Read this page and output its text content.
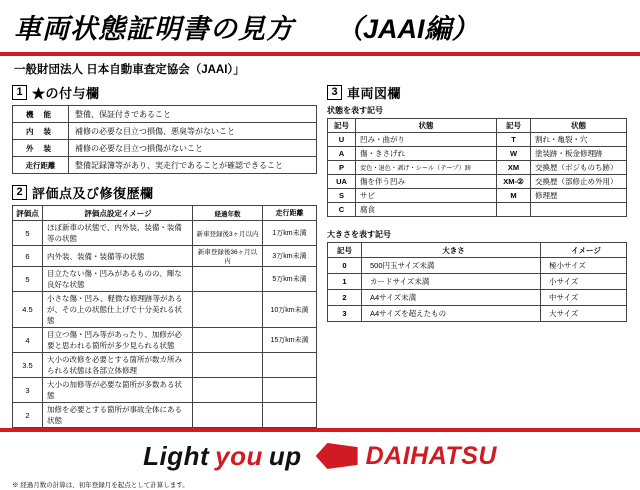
車両状態証明書の見方 （JAAI編）
一般財団法人 日本自動車査定協会（JAAI）」
1 ★の付与欄
機 能	整備、保証付きであること
内 装	補修の必要な目立つ損傷、悪臭等がないこと
外 装	補修の必要な目立つ損傷がないこと
走行距離	整備記録簿等があり、実走行であることが確認できること
2 評価点及び修復歴欄
評価点	評価点設定イメージ	経過年数	走行距離
5	ほぼ新車の状態で、内外装、装備・装備等の状態	新車登録後3ヶ月以内	1万km未満
6	内外装、装備・装備等の状態	新車登録後36ヶ月以内	3万km未満
5	目立たない傷・凹みがあるものの、輝な良好な状態		5万km未満
4.5	小さな傷・凹み、軽微な修理跡等があるが、その上の状態仕上げで十分美れる状態		10万km未満
4	目立つ傷・凹み等があったり、加修が必要と思われる箇所が多少見られる状態		15万km未満
3.5	大小の改修を必要とする箇所が数カ所みられる状態は各部立体修理		
3	大小の加修等が必要な箇所が多数ある状態		
2	加修を必要とする箇所が事故全体にある状態		

※ 経過月数の計算は、初年登録月を起点として計算します。
3 車両図欄
状態を表す記号
記号	状態	記号	状態
U	凹み・曲がり	T	割れ・亀裂・穴
A	傷・きさげれ	W	塗装跡・板金修理跡
P	変色・退色・剥げ・シール（テープ）跡	XM	交換歴（ボジものち跡）
UA	傷を伴う凹み	XM-②	交換歴（部修止め外用）
S	サビ	M	修理歴
C	腐食		
大きさを表す記号
記号	大きさ	イメージ
0	500円玉サイズ未満	極小サイズ
1	カードサイズ未満	小サイズ
2	A4サイズ未満	中サイズ
3	A4サイズを超えたもの	大サイズ
Light you up	DAIHATSU
